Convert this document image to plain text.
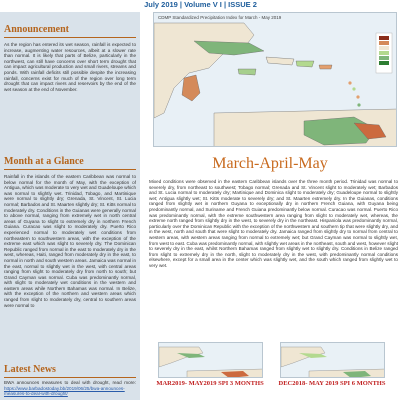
July 2019 | Volume V I | ISSUE 2
Announcement
As the region has entered its wet season, rainfall is expected to increase, augmenting water resources, albeit at a slower rate than normal. It is likely that parts of Belize, particularly in the northwest, can still have concerns over short term drought that can impact agricultural production and small rivers, streams and ponds. With rainfall deficits still possible despite the increasing rainfall, concerns exist for much of the region over long term drought that can impact rivers and reservoirs by the end of the wet season at the end of November.
Month at a Glance
Rainfall in the islands of the eastern Caribbean was normal to below normal for the month of May, with the exception of Antigua, which was moderate to very wet and Guadeloupe which was normal to slightly wet. Trinidad, Tobago, and Martinique were normal to slightly dry; Grenada, St. Vincent, St. Lucia normal; Barbados and St. Maarten slightly dry; St. Kitts normal to moderately dry. Conditions in the Guianas were generally normal to above normal, ranging from extremely wet in north central areas of Guyana to slight to extremely dry in northern French Guiana. Curacao was slight to moderately dry. Puerto Rico experienced normal to moderately wet conditions from northeastern to southwestern areas, with the exception of the extreme east which was slight to severely dry. The Dominican Republic ranged from normal in the east to moderately dry in the west, whereas, Haiti, ranged from moderately dry in the east, to normal in north and south western areas. Jamaica was normal in the east, normal to slightly wet in the west, with central areas ranging from slight to moderately dry from north to south; but Grand Cayman was normal. Cuba was predominantly normal, with slight to moderately wet conditions in the western and eastern areas while Northern Bahamas was normal. In Belize, with the exception of the northern and western areas which ranged from slight to moderately dry, central to southern areas were normal to
Latest News
BWA announces measures to deal with drought, read more: https://www.barbadostoday.bb/2019/06/25/bwa-announces-measures-to-deal-with-drought/
CDMP Standardized Precipitation Index for March - May 2019
March-April-May
Mixed conditions were observed in the eastern Caribbean islands over the three month period. Trinidad was normal to severely dry, from northeast to southwest; Tobago normal; Grenada and St. Vincent slight to moderately wet; Barbados and St. Lucia normal to moderately dry; Martinique and Dominica slight to moderately dry; Guadeloupe normal to slightly wet; Antigua slightly wet; St. Kitts moderate to severely dry; and St. Maarten extremely dry. In the Guianas, conditions ranged from slightly wet in northern Guyana to exceptionally dry in northern French Guiana, with Guyana being predominantly normal, and Suriname and French Guiana predominantly below normal. Curacao was normal. Puerto Rico was predominantly normal, with the extreme southwestern area ranging from slight to moderately wet, whereas, the extreme north ranged from slightly dry in the west, to severely dry in the northeast. Hispaniola was predominantly normal, particularly over the Dominican Republic with the exception of the northwestern and southern tip that were slightly dry, and in the west, north and south that were slight to moderately dry. Jamaica ranged from slightly dry to normal from central to western areas, with western areas ranging from normal to extremely wet; but Grand Cayman was normal to slightly wet, from west to east. Cuba was predominantly normal, with slightly wet areas in the northeast, south and west, however slight to severely dry in the east, whilst Northern Bahamas ranged from slightly wet to slightly dry. Conditions in Belize ranged from slight to extremely dry in the north, slight to moderately dry in the west, with predominantly normal conditions elsewhere, except for a small area in the center which was slightly wet, and the south which ranged from slightly wet to very wet.
MAR2019- MAY2019 SPI 3 MONTHS DEC2018- MAY 2019 SPI 6 MONTHS
